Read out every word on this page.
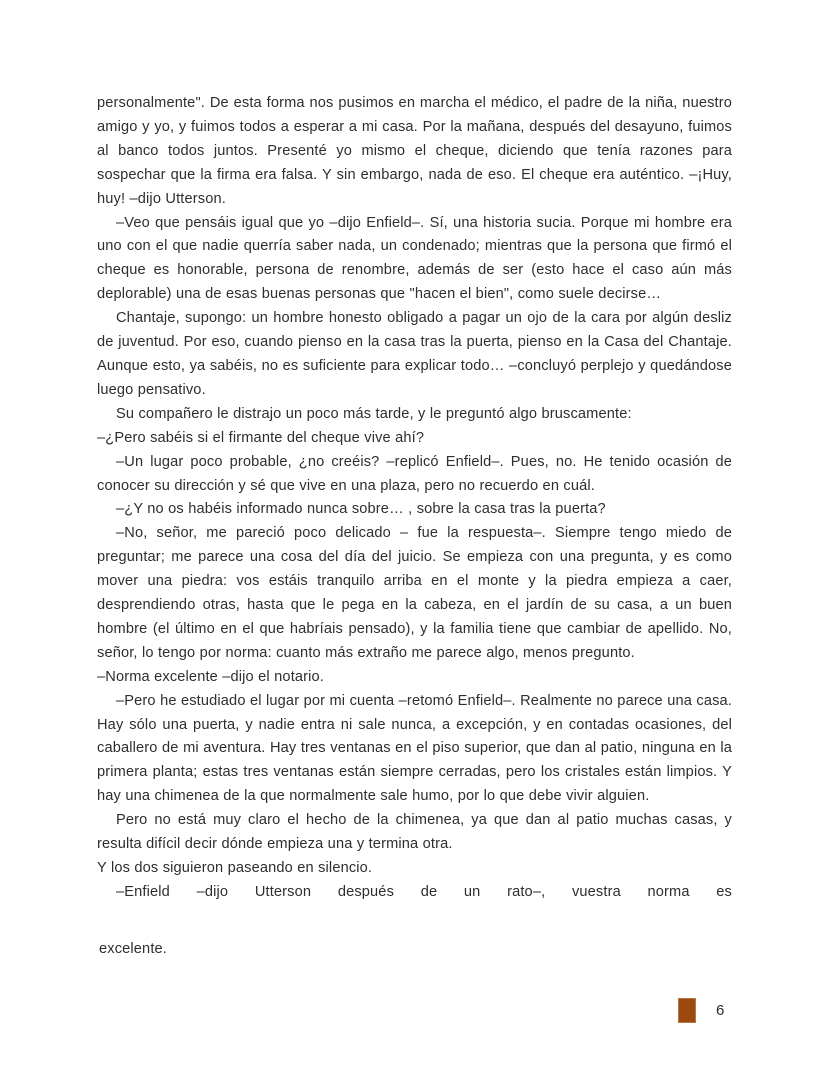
personalmente". De esta forma nos pusimos en marcha el médico, el padre de la niña, nuestro amigo y yo, y fuimos todos a esperar a mi casa. Por la mañana, después del desayuno, fuimos al banco todos juntos. Presenté yo mismo el cheque, diciendo que tenía razones para sospechar que la firma era falsa. Y sin embargo, nada de eso. El cheque era auténtico. –¡Huy, huy! –dijo Utterson.

–Veo que pensáis igual que yo –dijo Enfield–. Sí, una historia sucia. Porque mi hombre era uno con el que nadie querría saber nada, un condenado; mientras que la persona que firmó el cheque es honorable, persona de renombre, además de ser (esto hace el caso aún más deplorable) una de esas buenas personas que "hacen el bien", como suele decirse…

Chantaje, supongo: un hombre honesto obligado a pagar un ojo de la cara por algún desliz de juventud. Por eso, cuando pienso en la casa tras la puerta, pienso en la Casa del Chantaje. Aunque esto, ya sabéis, no es suficiente para explicar todo… –concluyó perplejo y quedándose luego pensativo.

Su compañero le distrajo un poco más tarde, y le preguntó algo bruscamente:

–¿Pero sabéis si el firmante del cheque vive ahí?

–Un lugar poco probable, ¿no creéis? –replicó Enfield–. Pues, no. He tenido ocasión de conocer su dirección y sé que vive en una plaza, pero no recuerdo en cuál.

–¿Y no os habéis informado nunca sobre… , sobre la casa tras la puerta?

–No, señor, me pareció poco delicado – fue la respuesta–. Siempre tengo miedo de preguntar; me parece una cosa del día del juicio. Se empieza con una pregunta, y es como mover una piedra: vos estáis tranquilo arriba en el monte y la piedra empieza a caer, desprendiendo otras, hasta que le pega en la cabeza, en el jardín de su casa, a un buen hombre (el último en el que habríais pensado), y la familia tiene que cambiar de apellido. No, señor, lo tengo por norma: cuanto más extraño me parece algo, menos pregunto.

–Norma excelente –dijo el notario.

–Pero he estudiado el lugar por mi cuenta –retomó Enfield–. Realmente no parece una casa. Hay sólo una puerta, y nadie entra ni sale nunca, a excepción, y en contadas ocasiones, del caballero de mi aventura. Hay tres ventanas en el piso superior, que dan al patio, ninguna en la primera planta; estas tres ventanas están siempre cerradas, pero los cristales están limpios. Y hay una chimenea de la que normalmente sale humo, por lo que debe vivir alguien.

Pero no está muy claro el hecho de la chimenea, ya que dan al patio muchas casas, y resulta difícil decir dónde empieza una y termina otra.

Y los dos siguieron paseando en silencio.

–Enfield –dijo Utterson después de un rato–, vuestra norma es

excelente.
6
